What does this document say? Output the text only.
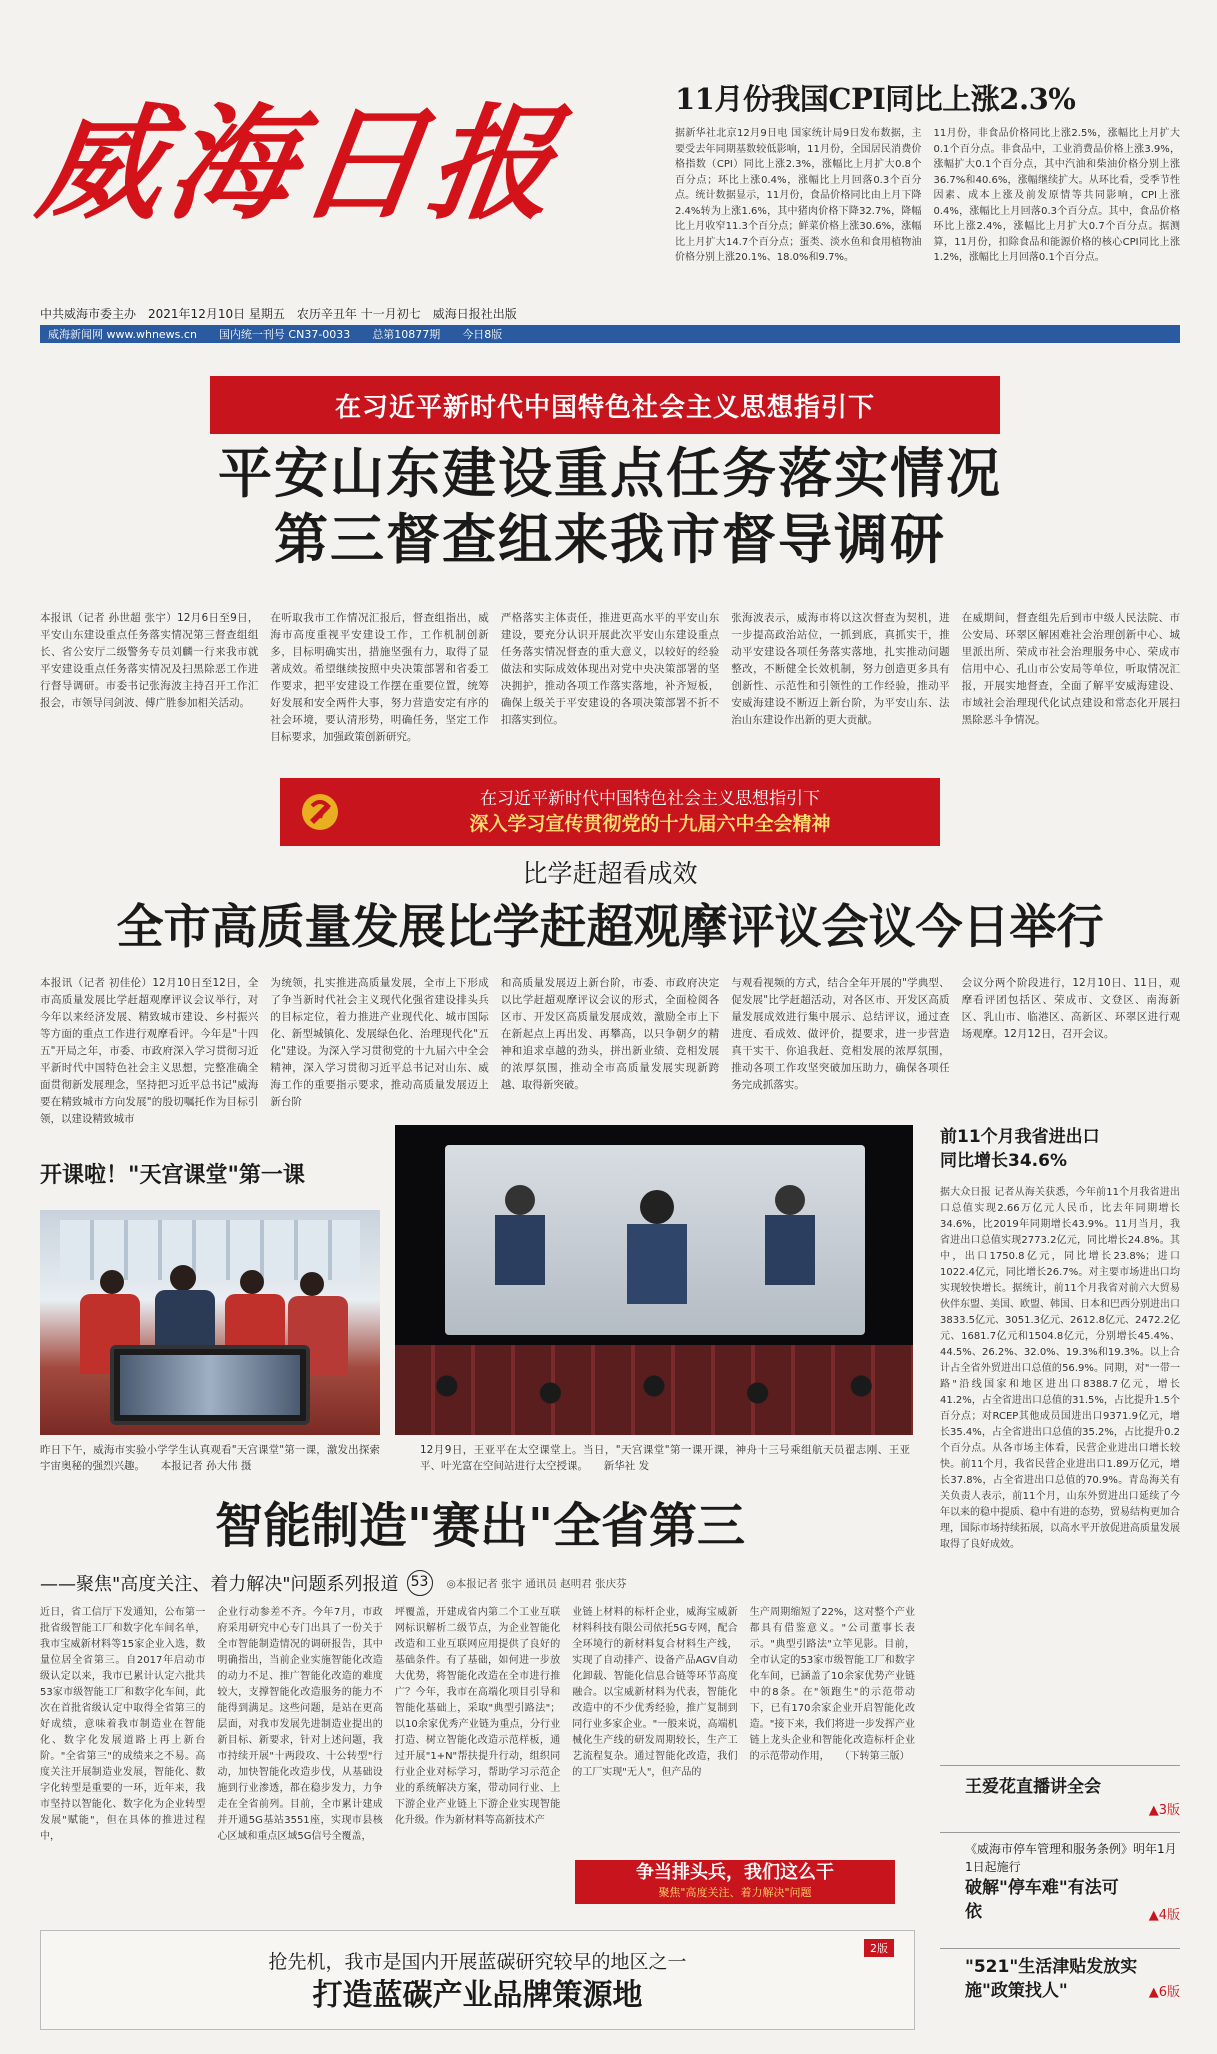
威海日报
中共威海市委主办 2021年12月10日 星期五 农历辛丑年 十一月初七 威海日报社出版
威海新闻网 www.whnews.cn 国内统一刊号 CN37-0033 总第10877期 今日8版
11月份我国CPI同比上涨2.3%
据新华社北京12月9日电 国家统计局9日发布数据，主要受去年同期基数较低影响，11月份，全国居民消费价格指数（CPI）同比上涨2.3%，涨幅比上月扩大0.8个百分点；环比上涨0.4%，涨幅比上月回落0.3个百分点。统计数据显示，11月份，食品价格同比由上月下降2.4%转为上涨1.6%，其中猪肉价格下降32.7%，降幅比上月收窄11.3个百分点；鲜菜价格上涨30.6%，涨幅比上月扩大14.7个百分点；蛋类、淡水鱼和食用植物油价格分别上涨20.1%、18.0%和9.7%。
11月份，非食品价格同比上涨2.5%，涨幅比上月扩大0.1个百分点。非食品中，工业消费品价格上涨3.9%，涨幅扩大0.1个百分点，其中汽油和柴油价格分别上涨36.7%和40.6%，涨幅继续扩大。从环比看，受季节性因素、成本上涨及前发原情等共同影响，CPI上涨0.4%，涨幅比上月回落0.3个百分点。其中，食品价格环比上涨2.4%，涨幅比上月扩大0.7个百分点。据测算，11月份，扣除食品和能源价格的核心CPI同比上涨1.2%，涨幅比上月回落0.1个百分点。
在习近平新时代中国特色社会主义思想指引下
平安山东建设重点任务落实情况
第三督查组来我市督导调研
本报讯（记者 孙世超 张宇）12月6日至9日，平安山东建设重点任务落实情况第三督查组组长、省公安厅二级警务专员刘麟一行来我市就平安建设重点任务落实情况及扫黑除恶工作进行督导调研。市委书记张海波主持召开工作汇报会，市领导闫剑波、傅广胜参加相关活动。
在听取我市工作情况汇报后，督查组指出，威海市高度重视平安建设工作，工作机制创新多，目标明确实出，措施坚强有力，取得了显著成效。希望继续按照中央决策部署和省委工作要求，把平安建设工作摆在重要位置，统筹好发展和安全两件大事，努力营造安定有序的社会环境，要认清形势，明确任务，坚定工作目标要求，加强政策创新研究。
严格落实主体责任，推进更高水平的平安山东建设，要充分认识开展此次平安山东建设重点任务落实情况督查的重大意义，以较好的经验做法和实际成效体现出对党中央决策部署的坚决拥护，推动各项工作落实落地，补齐短板，确保上级关于平安建设的各项决策部署不折不扣落实到位。
张海波表示，威海市将以这次督查为契机，进一步提高政治站位，一抓到底，真抓实干，推动平安建设各项任务落实落地，扎实推动问题整改，不断健全长效机制，努力创造更多具有创新性、示范性和引领性的工作经验，推动平安威海建设不断迈上新台阶，为平安山东、法治山东建设作出新的更大贡献。
在威期间，督查组先后到市中级人民法院、市公安局、环翠区解困难社会治理创新中心、城里派出所、荣成市社会治理服务中心、荣成市信用中心、孔山市公安局等单位，听取情况汇报，开展实地督查，全面了解平安威海建设、市域社会治理现代化试点建设和常态化开展扫黑除恶斗争情况。
在习近平新时代中国特色社会主义思想指引下
深入学习宣传贯彻党的十九届六中全会精神
比学赶超看成效
全市高质量发展比学赶超观摩评议会议今日举行
本报讯（记者 初佳伦）12月10日至12日，全市高质量发展比学赶超观摩评议会议举行，对今年以来经济发展、精致城市建设、乡村振兴等方面的重点工作进行观摩看评。今年是"十四五"开局之年，市委、市政府深入学习贯彻习近平新时代中国特色社会主义思想，完整准确全面贯彻新发展理念，坚持把习近平总书记"威海要在精致城市方向发展"的殷切嘱托作为目标引领，以建设精致城市
为统领，扎实推进高质量发展，全市上下形成了争当新时代社会主义现代化强省建设排头兵的目标定位，着力推进产业现代化、城市国际化、新型城镇化、发展绿色化、治理现代化"五化"建设。为深入学习贯彻党的十九届六中全会精神，深入学习贯彻习近平总书记对山东、威海工作的重要指示要求，推动高质量发展迈上新台阶
和高质量发展迈上新台阶，市委、市政府决定以比学赶超观摩评议会议的形式，全面检阅各区市、开发区高质量发展成效，激励全市上下在新起点上再出发、再攀高，以只争朝夕的精神和追求卓越的劲头，拼出新业绩、竞相发展的浓厚氛围，推动全市高质量发展实现新跨越、取得新突破。
与观看视频的方式，结合全年开展的"学典型、促发展"比学赶超活动，对各区市、开发区高质量发展成效进行集中展示、总结评议，通过查进度、看成效、做评价，提要求，进一步营造真干实干、你追我赶、竞相发展的浓厚氛围，推动各项工作攻坚突破加压助力，确保各项任务完成抓落实。
会议分两个阶段进行，12月10日、11日，观摩看评团包括区、荣成市、文登区、南海新区、乳山市、临港区、高新区、环翠区进行观场观摩。12月12日，召开会议。
开课啦！"天宫课堂"第一课
昨日下午，威海市实验小学学生认真观看"天宫课堂"第一课，激发出探索宇宙奥秘的强烈兴趣。　　本报记者 孙大伟 摄
12月9日，王亚平在太空课堂上。当日，"天宫课堂"第一课开课，神舟十三号乘组航天员翟志刚、王亚平、叶光富在空间站进行太空授课。　　新华社 发
前11个月我省进出口
同比增长34.6%
据大众日报 记者从海关获悉，今年前11个月我省进出口总值实现2.66万亿元人民币，比去年同期增长34.6%，比2019年同期增长43.9%。11月当月，我省进出口总值实现2773.2亿元，同比增长24.8%。其中，出口1750.8亿元，同比增长23.8%；进口1022.4亿元，同比增长26.7%。对主要市场进出口均实现较快增长。据统计，前11个月我省对前六大贸易伙伴东盟、美国、欧盟、韩国、日本和巴西分别进出口3833.5亿元、3051.3亿元、2612.8亿元、2472.2亿元、1681.7亿元和1504.8亿元，分别增长45.4%、44.5%、26.2%、32.0%、19.3%和19.3%。以上合计占全省外贸进出口总值的56.9%。同期，对"一带一路"沿线国家和地区进出口8388.7亿元，增长41.2%，占全省进出口总值的31.5%，占比提升1.5个百分点；对RCEP其他成员国进出口9371.9亿元，增长35.4%，占全省进出口总值的35.2%，占比提升0.2个百分点。从各市场主体看，民营企业进出口增长较快。前11个月，我省民营企业进出口1.89万亿元，增长37.8%，占全省进出口总值的70.9%。青岛海关有关负责人表示，前11个月，山东外贸进出口延续了今年以来的稳中提质、稳中有进的态势，贸易结构更加合理，国际市场持续拓展，以高水平开放促进高质量发展取得了良好成效。
智能制造"赛出"全省第三
——聚焦"高度关注、着力解决"问题系列报道 53	◎本报记者 张宇 通讯员 赵明君 张庆芬
近日，省工信厅下发通知，公布第一批省级智能工厂和数字化车间名单，我市宝威新材料等15家企业入选，数量位居全省第三。自2017年启动市级认定以来，我市已累计认定六批共53家市级智能工厂和数字化车间，此次在首批省级认定中取得全省第三的好成绩，意味着我市制造业在智能化、数字化发展道路上再上新台阶。"全省第三"的成绩来之不易。高度关注开展制造业发展，智能化、数字化转型是重要的一环，近年来，我市坚持以智能化、数字化为企业转型发展"赋能"，但在具体的推进过程中，
企业行动参差不齐。今年7月，市政府采用研究中心专门出具了一份关于全市智能制造情况的调研报告，其中明确指出，当前企业实施智能化改造的动力不足、推广智能化改造的难度较大，支撑智能化改造服务的能力不能得到满足。这些问题，是站在更高层面，对我市发展先进制造业提出的新目标、新要求，针对上述问题，我市持续开展"十两段攻、十公转型"行动，加快智能化改造步伐，从基础设施到行业渗透，都在稳步发力，力争走在全省前列。目前，全市累计建成并开通5G基站3551座，实现市县核心区域和重点区域5G信号全覆盖，
坪覆盖，开建成省内第二个工业互联网标识解析二级节点，为企业智能化改造和工业互联网应用提供了良好的基础条件。有了基础，如何进一步放大优势，将智能化改造在全市进行推广？今年，我市在高端化项目引导和智能化基础上，采取"典型引路法"；以10余家优秀产业链为重点，分行业打造、树立智能化改造示范样板，通过开展"1+N"帮扶提升行动，组织同行业企业对标学习，帮助学习示范企业的系统解决方案，带动同行业、上下游企业产业链上下游企业实现智能化升级。作为新材料等高新技术产
业链上材料的标杆企业，威海宝威新材料科技有限公司依托5G专网，配合全环境行的新材料复合材料生产线，实现了自动排产、设备产品AGV自动化卸载、智能化信息合链等环节高度融合。以宝威新材料为代表，智能化改造中的不少优秀经验，推广复制到同行业多家企业。"一般来说，高端机械化生产线的研发周期较长，生产工艺流程复杂。通过智能化改造，我们的工厂实现"无人"，但产品的
生产周期缩短了22%，这对整个产业都具有借鉴意义。"公司董事长表示。"典型引路法"立竿见影。目前，全市认定的53家市级智能工厂和数字化车间，已涵盖了10余家优势产业链中的8条。在"领跑生"的示范带动下，已有170余家企业开启智能化改造。"接下来，我们将进一步发挥产业链上龙头企业和智能化改造标杆企业的示范带动作用，　　（下转第三版）
争当排头兵，我们这么干
聚焦"高度关注、着力解决"问题
王爱花直播讲全会
▲3版
《威海市停车管理和服务条例》明年1月1日起施行
破解"停车难"有法可依	▲4版
"521"生活津贴发放实施"政策找人"	▲6版
抢先机，我市是国内开展蓝碳研究较早的地区之一
打造蓝碳产业品牌策源地
2版
